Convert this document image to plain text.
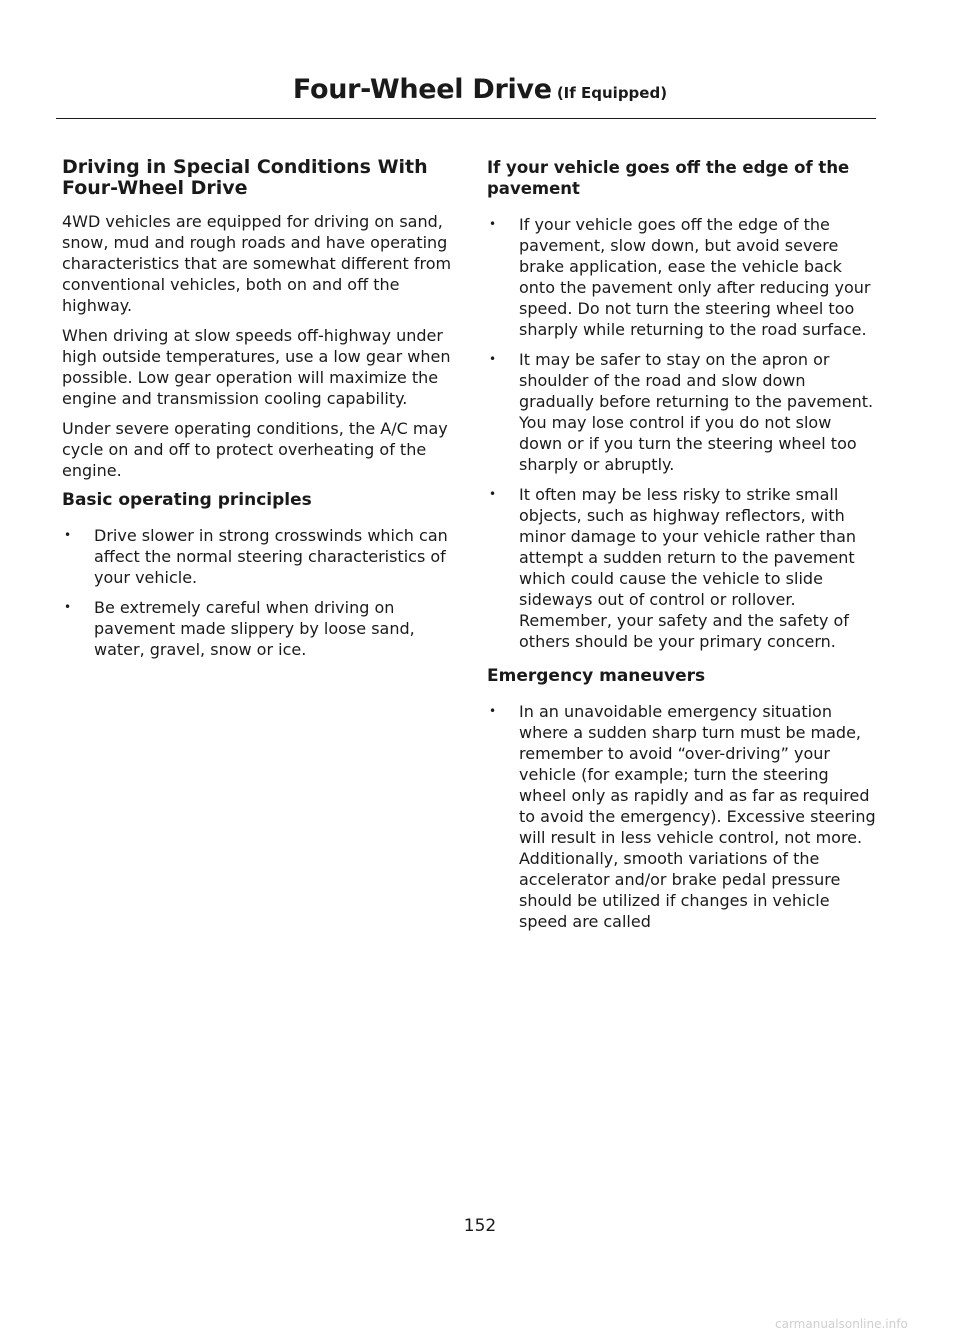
Four-Wheel Drive (If Equipped)
Driving in Special Conditions With Four-Wheel Drive

4WD vehicles are equipped for driving on sand, snow, mud and rough roads and have operating characteristics that are somewhat different from conventional vehicles, both on and off the highway.

When driving at slow speeds off-highway under high outside temperatures, use a low gear when possible. Low gear operation will maximize the engine and transmission cooling capability.

Under severe operating conditions, the A/C may cycle on and off to protect overheating of the engine.

Basic operating principles
• Drive slower in strong crosswinds which can affect the normal steering characteristics of your vehicle.
• Be extremely careful when driving on pavement made slippery by loose sand, water, gravel, snow or ice.
If your vehicle goes off the edge of the pavement
• If your vehicle goes off the edge of the pavement, slow down, but avoid severe brake application, ease the vehicle back onto the pavement only after reducing your speed. Do not turn the steering wheel too sharply while returning to the road surface.
• It may be safer to stay on the apron or shoulder of the road and slow down gradually before returning to the pavement. You may lose control if you do not slow down or if you turn the steering wheel too sharply or abruptly.
• It often may be less risky to strike small objects, such as highway reflectors, with minor damage to your vehicle rather than attempt a sudden return to the pavement which could cause the vehicle to slide sideways out of control or rollover. Remember, your safety and the safety of others should be your primary concern.
Emergency maneuvers
• In an unavoidable emergency situation where a sudden sharp turn must be made, remember to avoid “over-driving” your vehicle (for example; turn the steering wheel only as rapidly and as far as required to avoid the emergency). Excessive steering will result in less vehicle control, not more. Additionally, smooth variations of the accelerator and/or brake pedal pressure should be utilized if changes in vehicle speed are called
152
carmanualsonline.info
